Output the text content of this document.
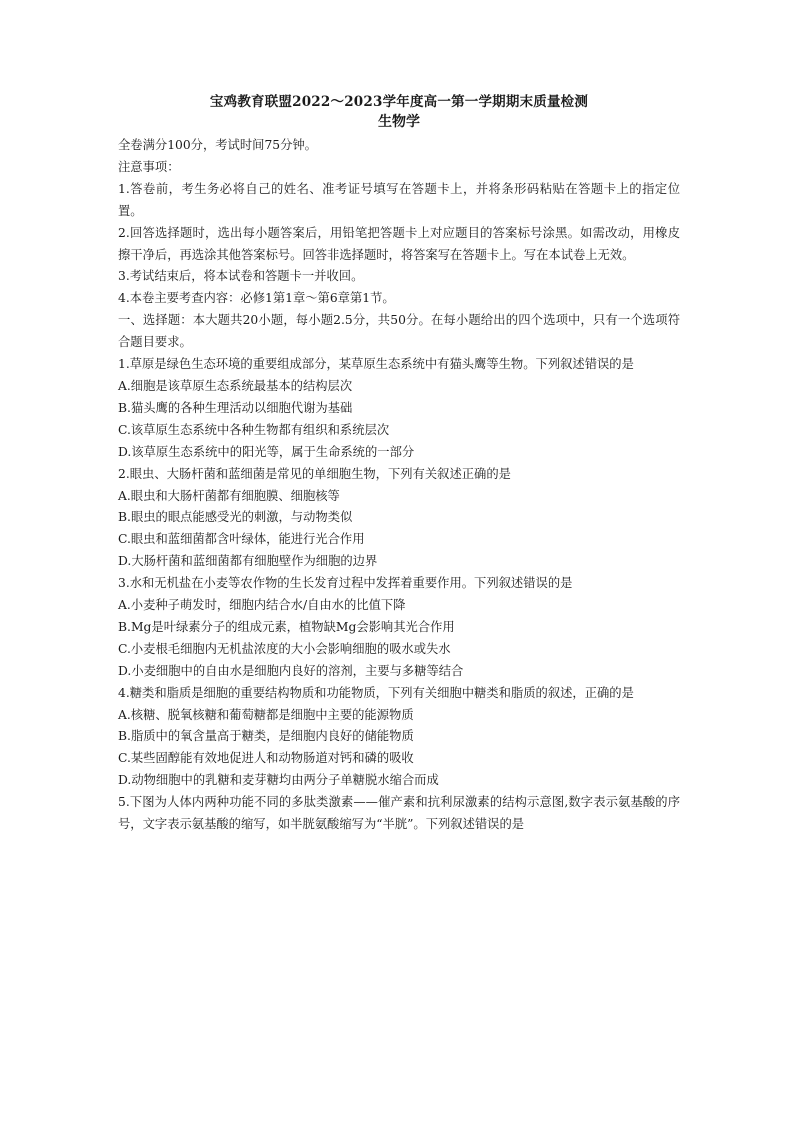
宝鸡教育联盟2022～2023学年度高一第一学期期末质量检测
生物学
全卷满分100分，考试时间75分钟。
注意事项：
1.答卷前，考生务必将自己的姓名、准考证号填写在答题卡上，并将条形码粘贴在答题卡上的指定位置。
2.回答选择题时，选出每小题答案后，用铅笔把答题卡上对应题目的答案标号涂黑。如需改动，用橡皮擦干净后，再选涂其他答案标号。回答非选择题时，将答案写在答题卡上。写在本试卷上无效。
3.考试结束后，将本试卷和答题卡一并收回。
4.本卷主要考查内容：必修1第1章～第6章第1节。
一、选择题：本大题共20小题，每小题2.5分，共50分。在每小题给出的四个选项中，只有一个选项符合题目要求。
1.草原是绿色生态环境的重要组成部分，某草原生态系统中有猫头鹰等生物。下列叙述错误的是
A.细胞是该草原生态系统最基本的结构层次
B.猫头鹰的各种生理活动以细胞代谢为基础
C.该草原生态系统中各种生物都有组织和系统层次
D.该草原生态系统中的阳光等，属于生命系统的一部分
2.眼虫、大肠杆菌和蓝细菌是常见的单细胞生物，下列有关叙述正确的是
A.眼虫和大肠杆菌都有细胞膜、细胞核等
B.眼虫的眼点能感受光的刺激，与动物类似
C.眼虫和蓝细菌都含叶绿体，能进行光合作用
D.大肠杆菌和蓝细菌都有细胞壁作为细胞的边界
3.水和无机盐在小麦等农作物的生长发育过程中发挥着重要作用。下列叙述错误的是
A.小麦种子萌发时，细胞内结合水/自由水的比值下降
B.Mg是叶绿素分子的组成元素，植物缺Mg会影响其光合作用
C.小麦根毛细胞内无机盐浓度的大小会影响细胞的吸水或失水
D.小麦细胞中的自由水是细胞内良好的溶剂，主要与多糖等结合
4.糖类和脂质是细胞的重要结构物质和功能物质，下列有关细胞中糖类和脂质的叙述，正确的是
A.核糖、脱氧核糖和葡萄糖都是细胞中主要的能源物质
B.脂质中的氧含量高于糖类，是细胞内良好的储能物质
C.某些固醇能有效地促进人和动物肠道对钙和磷的吸收
D.动物细胞中的乳糖和麦芽糖均由两分子单糖脱水缩合而成
5.下图为人体内两种功能不同的多肽类激素——催产素和抗利尿激素的结构示意图,数字表示氨基酸的序号，文字表示氨基酸的缩写，如半胱氨酸缩写为“半胱”。下列叙述错误的是
